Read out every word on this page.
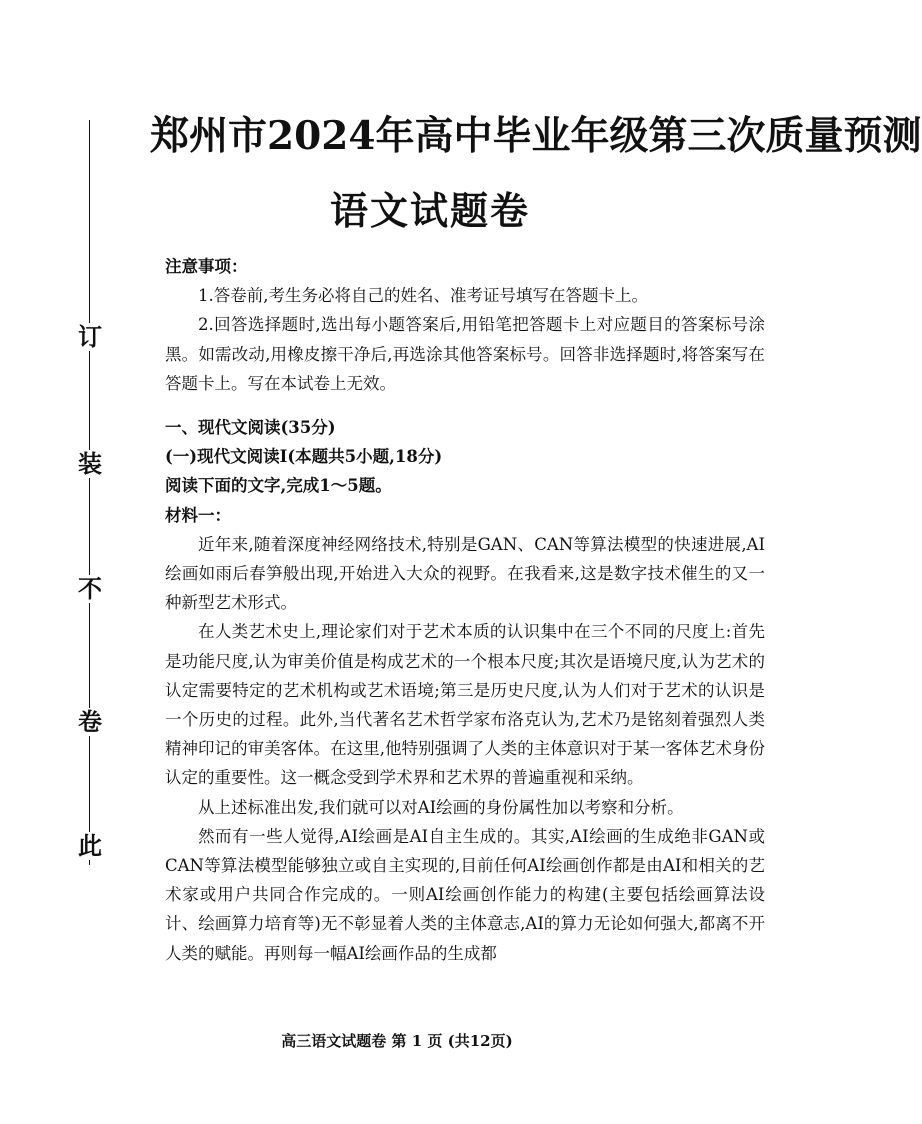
此
卷
不
装
订
郑州市2024年高中毕业年级第三次质量预测
语文试题卷

注意事项：

1.答卷前,考生务必将自己的姓名、准考证号填写在答题卡上。

2.回答选择题时,选出每小题答案后,用铅笔把答题卡上对应题目的答案标号涂黑。如需改动,用橡皮擦干净后,再选涂其他答案标号。回答非选择题时,将答案写在答题卡上。写在本试卷上无效。

一、现代文阅读(35分)

(一)现代文阅读Ⅰ(本题共5小题,18分)

阅读下面的文字,完成1～5题。

材料一：

近年来,随着深度神经网络技术,特别是GAN、CAN等算法模型的快速进展,AI绘画如雨后春笋般出现,开始进入大众的视野。在我看来,这是数字技术催生的又一种新型艺术形式。

在人类艺术史上,理论家们对于艺术本质的认识集中在三个不同的尺度上:首先是功能尺度,认为审美价值是构成艺术的一个根本尺度;其次是语境尺度,认为艺术的认定需要特定的艺术机构或艺术语境;第三是历史尺度,认为人们对于艺术的认识是一个历史的过程。此外,当代著名艺术哲学家布洛克认为,艺术乃是铭刻着强烈人类精神印记的审美客体。在这里,他特别强调了人类的主体意识对于某一客体艺术身份认定的重要性。这一概念受到学术界和艺术界的普遍重视和采纳。

从上述标准出发,我们就可以对AI绘画的身份属性加以考察和分析。

然而有一些人觉得,AI绘画是AI自主生成的。其实,AI绘画的生成绝非GAN或CAN等算法模型能够独立或自主实现的,目前任何AI绘画创作都是由AI和相关的艺术家或用户共同合作完成的。一则AI绘画创作能力的构建(主要包括绘画算法设计、绘画算力培育等)无不彰显着人类的主体意志,AI的算力无论如何强大,都离不开人类的赋能。再则每一幅AI绘画作品的生成都

高三语文试题卷 第 1 页 (共12页)
